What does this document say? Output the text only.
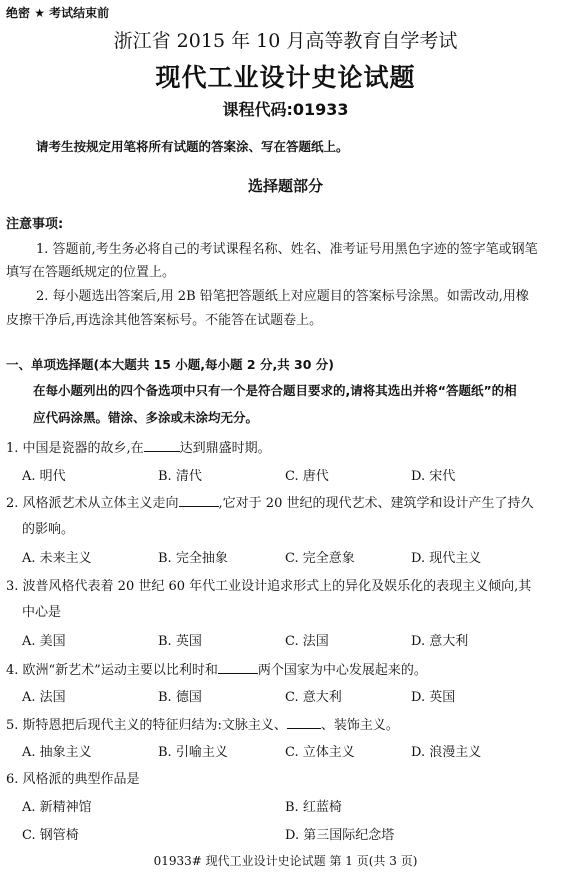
绝密 ★ 考试结束前
浙江省 2015 年 10 月高等教育自学考试
现代工业设计史论试题
课程代码:01933
请考生按规定用笔将所有试题的答案涂、写在答题纸上。
选择题部分
注意事项:
1. 答题前,考生务必将自己的考试课程名称、姓名、准考证号用黑色字迹的签字笔或钢笔
填写在答题纸规定的位置上。
2. 每小题选出答案后,用 2B 铅笔把答题纸上对应题目的答案标号涂黑。如需改动,用橡
皮擦干净后,再选涂其他答案标号。不能答在试题卷上。
一、单项选择题(本大题共 15 小题,每小题 2 分,共 30 分)
在每小题列出的四个备选项中只有一个是符合题目要求的,请将其选出并将“答题纸”的相
应代码涂黑。错涂、多涂或未涂均无分。
1. 中国是瓷器的故乡,在	达到鼎盛时期。
A. 明代	B. 清代	C. 唐代	D. 宋代
2. 风格派艺术从立体主义走向	,它对于 20 世纪的现代艺术、建筑学和设计产生了持久
的影响。
A. 未来主义	B. 完全抽象	C. 完全意象	D. 现代主义
3. 波普风格代表着 20 世纪 60 年代工业设计追求形式上的异化及娱乐化的表现主义倾向,其
中心是
A. 美国	B. 英国	C. 法国	D. 意大利
4. 欧洲“新艺术”运动主要以比利时和	两个国家为中心发展起来的。
A. 法国	B. 德国	C. 意大利	D. 英国
5. 斯特恩把后现代主义的特征归结为:文脉主义、	、装饰主义。
A. 抽象主义	B. 引喻主义	C. 立体主义	D. 浪漫主义
6. 风格派的典型作品是
A. 新精神馆	B. 红蓝椅
C. 钢管椅	D. 第三国际纪念塔
01933# 现代工业设计史论试题 第 1 页(共 3 页)
